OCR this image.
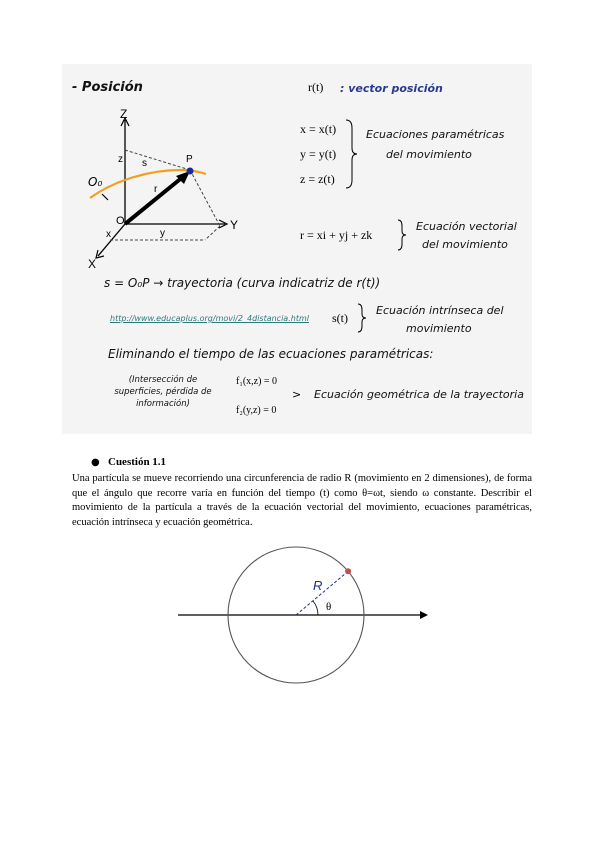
- Posición
Z
Y
X
O
O₀
P
s
r
z
x	y
r(t) : vector posición
x = x(t)
y = y(t)
z = z(t)
Ecuaciones paramétricas
del movimiento
r = xi + yj + zk
Ecuación vectorial
del movimiento
s = O₀P → trayectoria (curva indicatriz de r(t))
http://www.educaplus.org/movi/2_4distancia.html s(t)
Ecuación intrínseca del
movimiento
Eliminando el tiempo de las ecuaciones paramétricas:
(Intersección de
superficies, pérdida de
información)
f₁(x,z) = 0
f₂(y,z) = 0
> Ecuación geométrica de la trayectoria
● Cuestión 1.1
Una partícula se mueve recorriendo una circunferencia de radio R (movimiento en 2 dimensiones), de forma que el ángulo que recorre varía en función del tiempo (t) como θ=ωt, siendo ω constante. Describir el movimiento de la partícula a través de la ecuación vectorial del movimiento, ecuaciones paramétricas, ecuación intrínseca y ecuación geométrica.
R
θ
